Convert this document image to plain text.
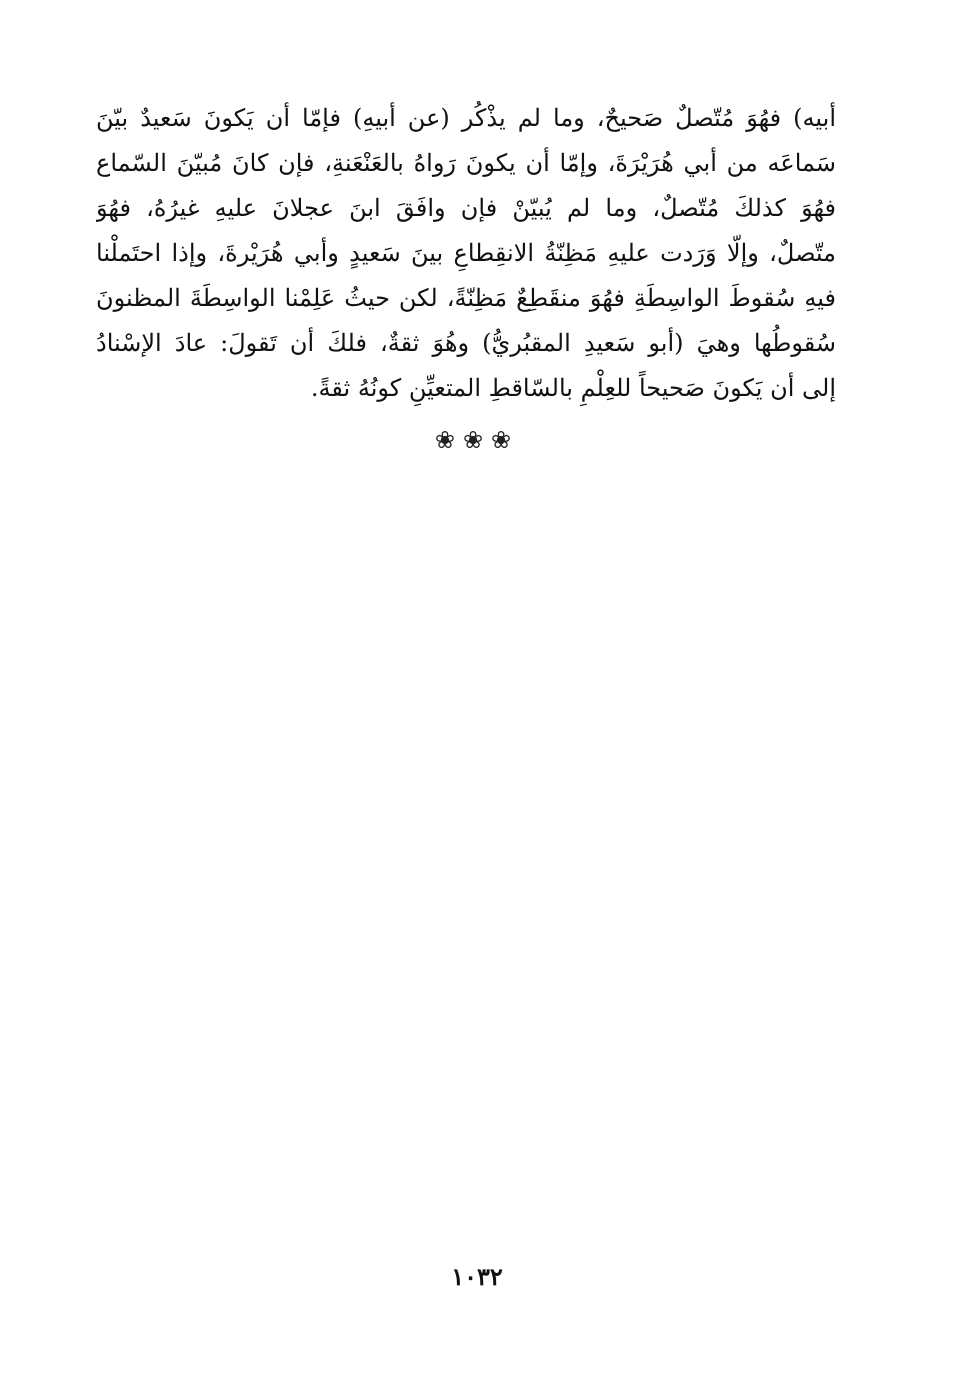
أبيه) فهُوَ مُتّصلٌ صَحيحٌ، وما لم يذْكُر (عن أبيهِ) فإمّا أن يَكونَ سَعيدٌ بيّنَ
سَماعَه من أبي هُرَيْرَةَ، وإمّا أن يكونَ رَواهُ بالعَنْعَنةِ، فإن كانَ مُبيّنَ السّماع
فهُوَ كذلكَ مُتّصلٌ، وما لم يُبيّنْ فإن وافَقَ ابنَ عجلانَ عليهِ غيرُهُ، فهُوَ
متّصلٌ، وإلّا وَرَدت عليهِ مَظِنّةُ الانقِطاعِ بينَ سَعيدٍ وأبي هُرَيْرةَ، وإذا احتَملْنا
فيهِ سُقوطَ الواسِطَةِ فهُوَ منقَطِعٌ مَظِنّةً، لكن حيثُ عَلِمْنا الواسِطَةَ المظنونَ
سُقوطُها وهيَ (أبو سَعيدِ المقبُريُّ) وهُوَ ثقةٌ، فلكَ أن تَقولَ: عادَ الإسْنادُ
إلى أن يَكونَ صَحيحاً للعِلْمِ بالسّاقطِ المتعيِّنِ كونُهُ ثقةً.
❀❀❀
١٠٣٢
